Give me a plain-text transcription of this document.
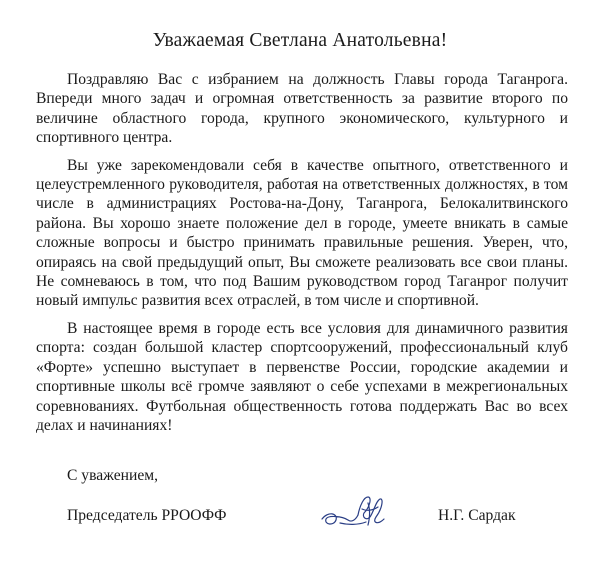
Уважаемая Светлана Анатольевна!

Поздравляю Вас с избранием на должность Главы города Таганрога. Впереди много задач и огромная ответственность за развитие второго по величине областного города, крупного экономического, культурного и спортивного центра.

Вы уже зарекомендовали себя в качестве опытного, ответственного и целеустремленного руководителя, работая на ответственных должностях, в том числе в администрациях Ростова-на-Дону, Таганрога, Белокалитвинского района. Вы хорошо знаете положение дел в городе, умеете вникать в самые сложные вопросы и быстро принимать правильные решения. Уверен, что, опираясь на свой предыдущий опыт, Вы сможете реализовать все свои планы. Не сомневаюсь в том, что под Вашим руководством город Таганрог получит новый импульс развития всех отраслей, в том числе и спортивной.

В настоящее время в городе есть все условия для динамичного развития спорта: создан большой кластер спортсооружений, профессиональный клуб «Форте» успешно выступает в первенстве России, городские академии и спортивные школы всё громче заявляют о себе успехами в межрегиональных соревнованиях. Футбольная общественность готова поддержать Вас во всех делах и начинаниях!

С уважением,
Председатель РРООФФ	Н.Г. Сардак
